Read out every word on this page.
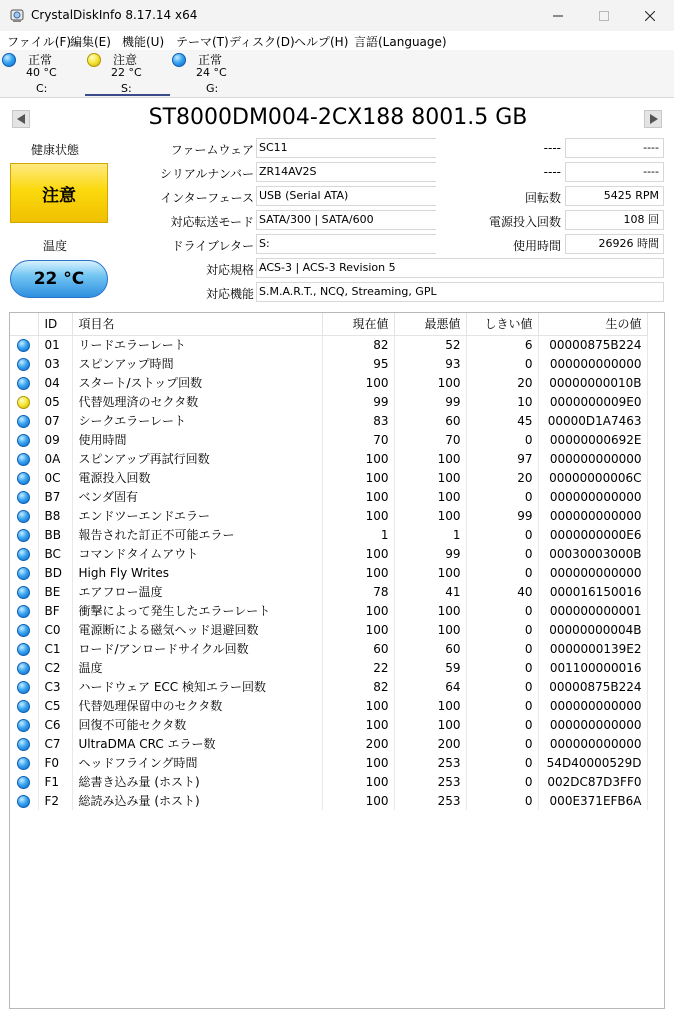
CrystalDiskInfo 8.17.14 x64
ファイル(F)
編集(E) 機能(U) テーマ(T) ディスク(D) ヘルプ(H) 言語(Language)
正常
40 °C
C:
注意
22 °C
S:
正常
24 °C
G:
ST8000DM004-2CX188 8001.5 GB
健康状態
注意
温度
22 °C
ファームウェア SC11
シリアルナンバー ZR14AV2S
インターフェース USB (Serial ATA)
対応転送モード SATA/300 | SATA/600
ドライブレター S:
対応規格 ACS-3 | ACS-3 Revision 5
対応機能 S.M.A.R.T., NCQ, Streaming, GPL
----	----
----	----
回転数	5425 RPM
電源投入回数	108 回
使用時間	26926 時間
	ID	項目名	現在値	最悪値	しきい値	生の値
	01	リードエラーレート	82	52	6	00000875B224
	03	スピンアップ時間	95	93	0	000000000000
	04	スタート/ストップ回数	100	100	20	00000000010B
	05	代替処理済のセクタ数	99	99	10	0000000009E0
	07	シークエラーレート	83	60	45	00000D1A7463
	09	使用時間	70	70	0	00000000692E
	0A	スピンアップ再試行回数	100	100	97	000000000000
	0C	電源投入回数	100	100	20	00000000006C
	B7	ベンダ固有	100	100	0	000000000000
	B8	エンドツーエンドエラー	100	100	99	000000000000
	BB	報告された訂正不可能エラー	1	1	0	0000000000E6
	BC	コマンドタイムアウト	100	99	0	00030003000B
	BD	High Fly Writes	100	100	0	000000000000
	BE	エアフロー温度	78	41	40	000016150016
	BF	衝撃によって発生したエラーレート	100	100	0	000000000001
	C0	電源断による磁気ヘッド退避回数	100	100	0	00000000004B
	C1	ロード/アンロードサイクル回数	60	60	0	0000000139E2
	C2	温度	22	59	0	001100000016
	C3	ハードウェア ECC 検知エラー回数	82	64	0	00000875B224
	C5	代替処理保留中のセクタ数	100	100	0	000000000000
	C6	回復不可能セクタ数	100	100	0	000000000000
	C7	UltraDMA CRC エラー数	200	200	0	000000000000
	F0	ヘッドフライング時間	100	253	0	54D40000529D
	F1	総書き込み量 (ホスト)	100	253	0	002DC87D3FF0
	F2	総読み込み量 (ホスト)	100	253	0	000E371EFB6A
